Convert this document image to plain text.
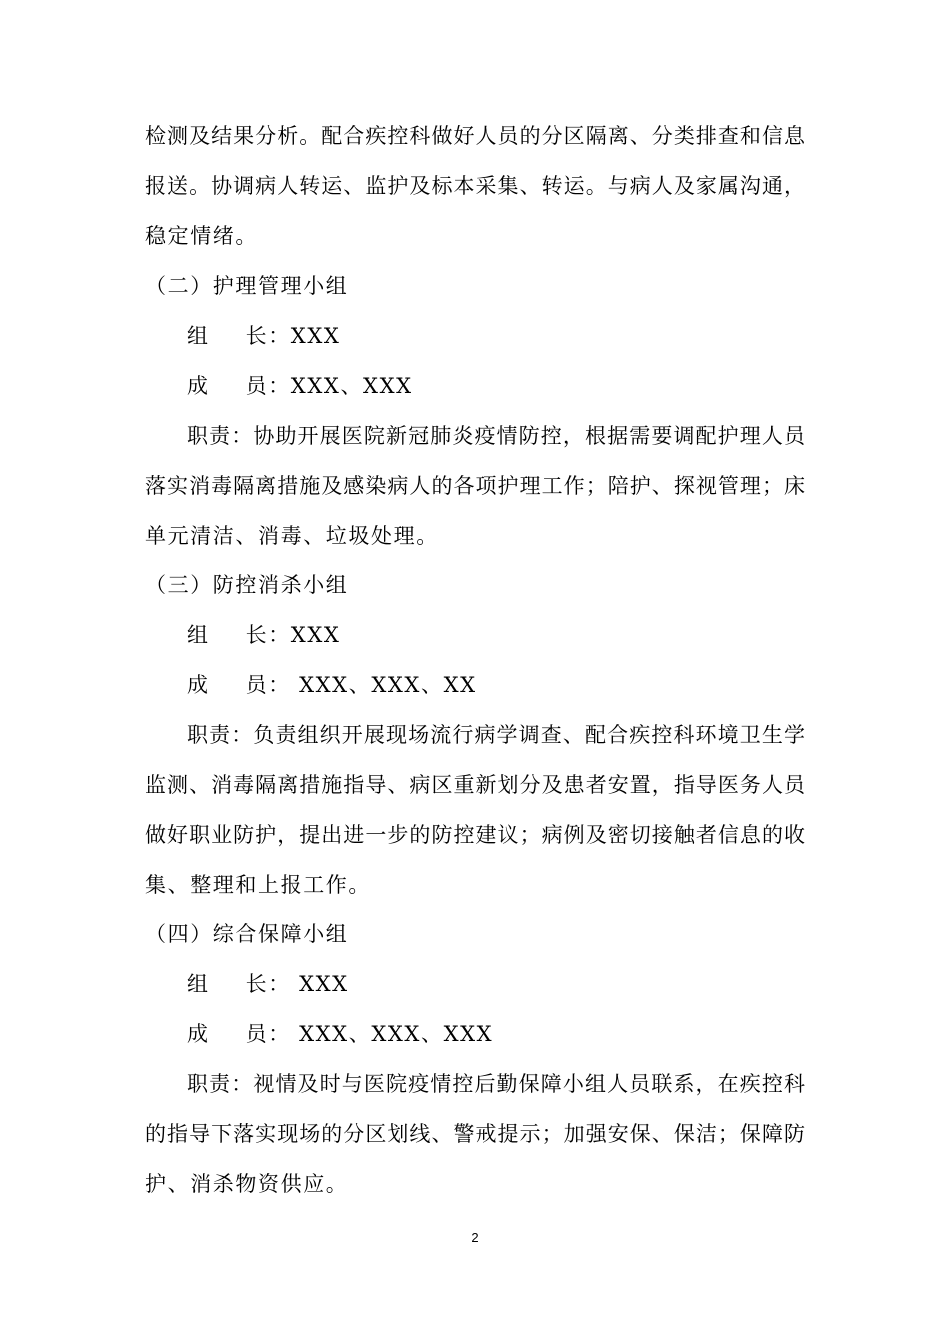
检测及结果分析。配合疾控科做好人员的分区隔离、分类排查和信息
报送。协调病人转运、监护及标本采集、转运。与病人及家属沟通，
稳定情绪。
（二）护理管理小组
组 长：XXX
成 员：XXX、XXX
职责：协助开展医院新冠肺炎疫情防控，根据需要调配护理人员
落实消毒隔离措施及感染病人的各项护理工作；陪护、探视管理；床
单元清洁、消毒、垃圾处理。
（三）防控消杀小组
组 长：XXX
成 员： XXX、XXX、XX
职责：负责组织开展现场流行病学调查、配合疾控科环境卫生学
监测、消毒隔离措施指导、病区重新划分及患者安置，指导医务人员
做好职业防护，提出进一步的防控建议；病例及密切接触者信息的收
集、整理和上报工作。
（四）综合保障小组
组 长： XXX
成 员： XXX、XXX、XXX
职责：视情及时与医院疫情控后勤保障小组人员联系，在疾控科
的指导下落实现场的分区划线、警戒提示；加强安保、保洁；保障防
护、消杀物资供应。
2
